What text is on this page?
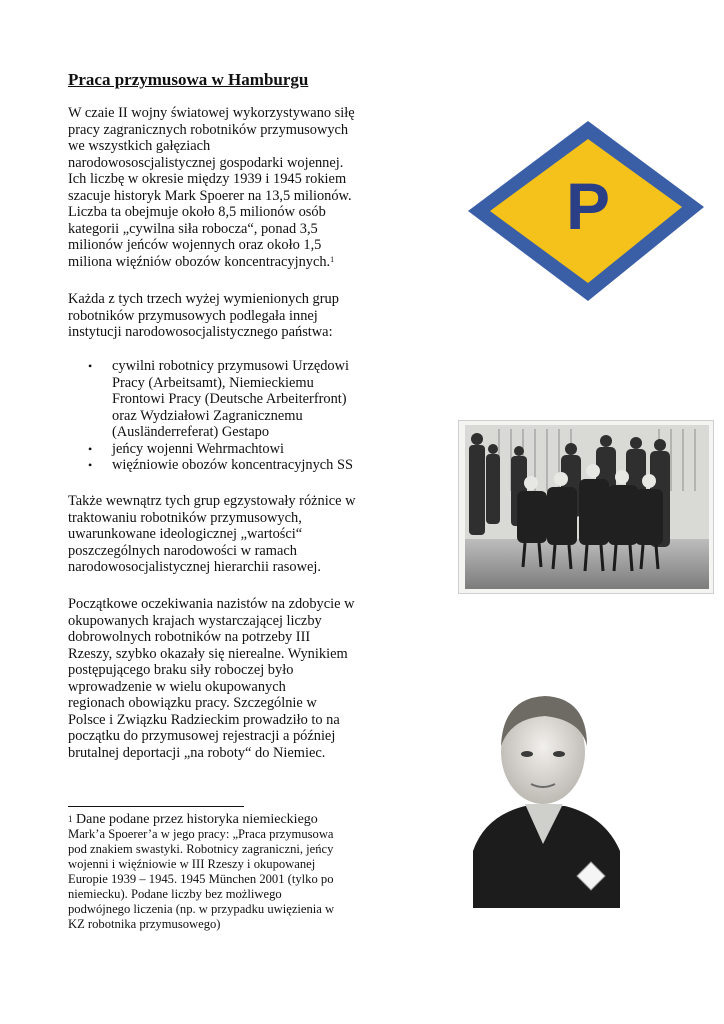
Praca przymusowa w Hamburgu
W czaie II wojny światowej wykorzystywano siłę
pracy zagranicznych robotników przymusowych
we wszystkich gałęziach
narodowososcjalistycznej gospodarki wojennej.
Ich liczbę w okresie między 1939 i 1945 rokiem
szacuje historyk Mark Spoerer na 13,5 milionów.
Liczba ta obejmuje około 8,5 milionów osób
kategorii „cywilna siła robocza“, ponad 3,5
milionów jeńców wojennych oraz około 1,5
miliona więźniów obozów koncentracyjnych.$^1$
Każda z tych trzech wyżej wymienionych grup
robotników przymusowych podlegała innej
instytucji narodowosocjalistycznego państwa:
• cywilni robotnicy przymusowi Urzędowi
Pracy (Arbeitsamt), Niemieckiemu
Frontowi Pracy (Deutsche Arbeiterfront)
oraz Wydziałowi Zagranicznemu
(Ausländerreferat) Gestapo
• jeńcy wojenni Wehrmachtowi
• więźniowie obozów koncentracyjnych SS
Także wewnątrz tych grup egzystowały różnice w
traktowaniu robotników przymusowych,
uwarunkowane ideologicznej „wartości“
poszczególnych narodowości w ramach
narodowosocjalistycznej hierarchii rasowej.
Początkowe oczekiwania nazistów na zdobycie w
okupowanych krajach wystarczającej liczby
dobrowolnych robotników na potrzeby III
Rzeszy, szybko okazały się nierealne. Wynikiem
postępującego braku siły roboczej było
wprowadzenie w wielu okupowanych
regionach obowiązku pracy. Szczególnie w
Polsce i Związku Radzieckim prowadziło to na
początku do przymusowej rejestracji a później
brutalnej deportacji „na roboty“ do Niemiec.
$^1$ Dane podane przez historyka niemieckiego
Mark’a Spoerer’a w jego pracy: „Praca przymusowa
pod znakiem swastyki. Robotnicy zagraniczni, jeńcy
wojenni i więźniowie w III Rzeszy i okupowanej
Europie 1939 – 1945. 1945 München 2001 (tylko po
niemiecku). Podane liczby bez możliwego
podwójnego liczenia (np. w przypadku uwięzienia w
KZ robotnika przymusowego)
P
